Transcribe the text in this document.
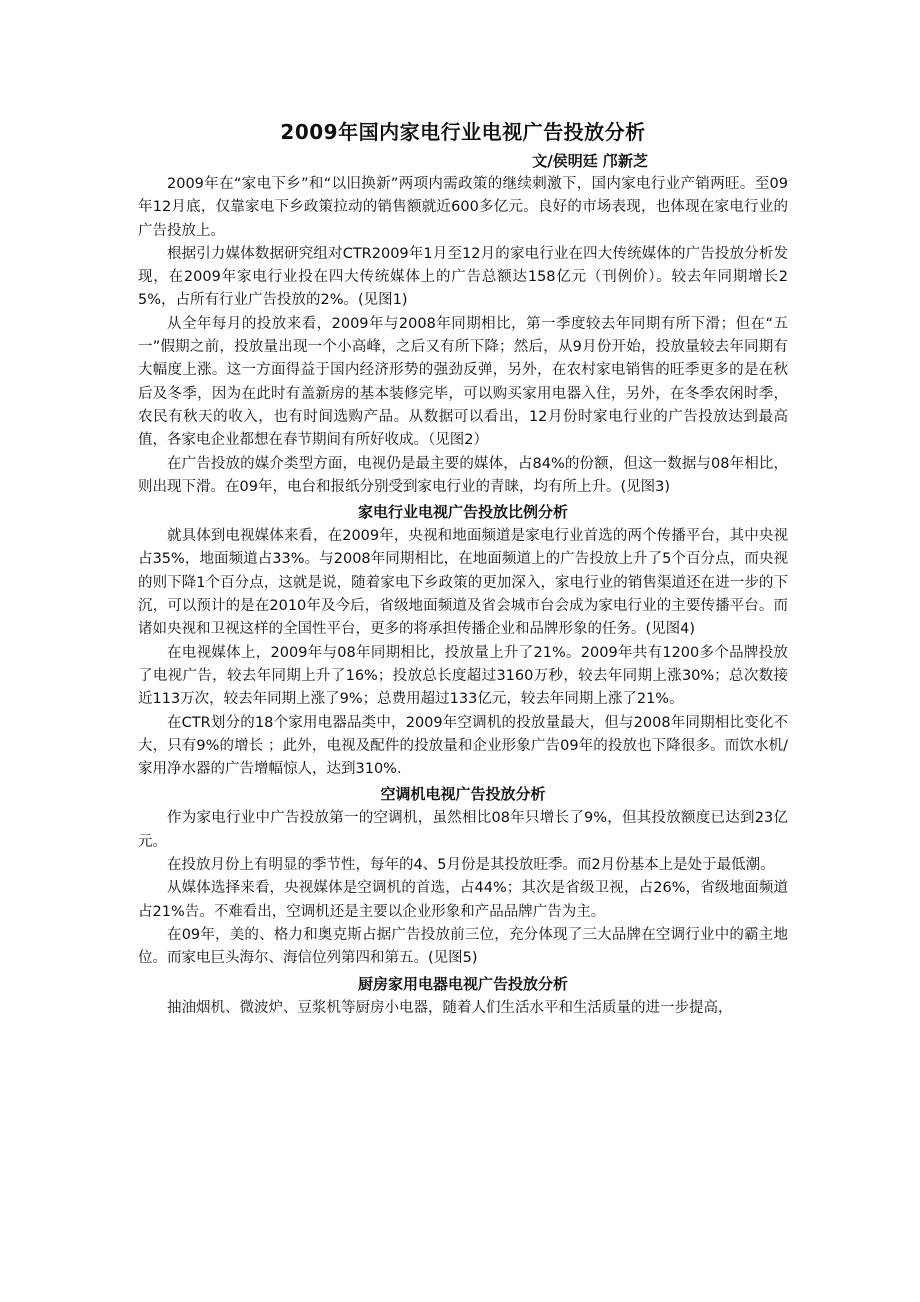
2009年国内家电行业电视广告投放分析

文/侯明廷 邝新芝

2009年在“家电下乡”和“以旧换新”两项内需政策的继续刺激下，国内家电行业产销两旺。至09年12月底，仅靠家电下乡政策拉动的销售额就近600多亿元。良好的市场表现，也体现在家电行业的广告投放上。

根据引力媒体数据研究组对CTR2009年1月至12月的家电行业在四大传统媒体的广告投放分析发现，在2009年家电行业投在四大传统媒体上的广告总额达158亿元（刊例价）。较去年同期增长25%，占所有行业广告投放的2%。(见图1)

从全年每月的投放来看，2009年与2008年同期相比，第一季度较去年同期有所下滑；但在“五一”假期之前，投放量出现一个小高峰，之后又有所下降；然后，从9月份开始，投放量较去年同期有大幅度上涨。这一方面得益于国内经济形势的强劲反弹，另外，在农村家电销售的旺季更多的是在秋后及冬季，因为在此时有盖新房的基本装修完毕，可以购买家用电器入住，另外，在冬季农闲时季，农民有秋天的收入，也有时间选购产品。从数据可以看出，12月份时家电行业的广告投放达到最高值，各家电企业都想在春节期间有所好收成。（见图2）

在广告投放的媒介类型方面，电视仍是最主要的媒体，占84%的份额，但这一数据与08年相比，则出现下滑。在09年，电台和报纸分别受到家电行业的青睐，均有所上升。(见图3)

家电行业电视广告投放比例分析

就具体到电视媒体来看，在2009年，央视和地面频道是家电行业首选的两个传播平台，其中央视占35%，地面频道占33%。与2008年同期相比，在地面频道上的广告投放上升了5个百分点，而央视的则下降1个百分点，这就是说，随着家电下乡政策的更加深入，家电行业的销售渠道还在进一步的下沉，可以预计的是在2010年及今后，省级地面频道及省会城市台会成为家电行业的主要传播平台。而诸如央视和卫视这样的全国性平台，更多的将承担传播企业和品牌形象的任务。(见图4)

在电视媒体上，2009年与08年同期相比，投放量上升了21%。2009年共有1200多个品牌投放了电视广告，较去年同期上升了16%；投放总长度超过3160万秒，较去年同期上涨30%；总次数接近113万次，较去年同期上涨了9%；总费用超过133亿元，较去年同期上涨了21%。

在CTR划分的18个家用电器品类中，2009年空调机的投放量最大，但与2008年同期相比变化不大，只有9%的增长 ；此外，电视及配件的投放量和企业形象广告09年的投放也下降很多。而饮水机/家用净水器的广告增幅惊人，达到310%.

空调机电视广告投放分析

作为家电行业中广告投放第一的空调机，虽然相比08年只增长了9%，但其投放额度已达到23亿元。

在投放月份上有明显的季节性，每年的4、5月份是其投放旺季。而2月份基本上是处于最低潮。

从媒体选择来看，央视媒体是空调机的首选，占44%；其次是省级卫视，占26%，省级地面频道占21%告。不难看出，空调机还是主要以企业形象和产品品牌广告为主。

在09年，美的、格力和奥克斯占据广告投放前三位，充分体现了三大品牌在空调行业中的霸主地位。而家电巨头海尔、海信位列第四和第五。(见图5)

厨房家用电器电视广告投放分析

抽油烟机、微波炉、豆浆机等厨房小电器，随着人们生活水平和生活质量的进一步提高，
